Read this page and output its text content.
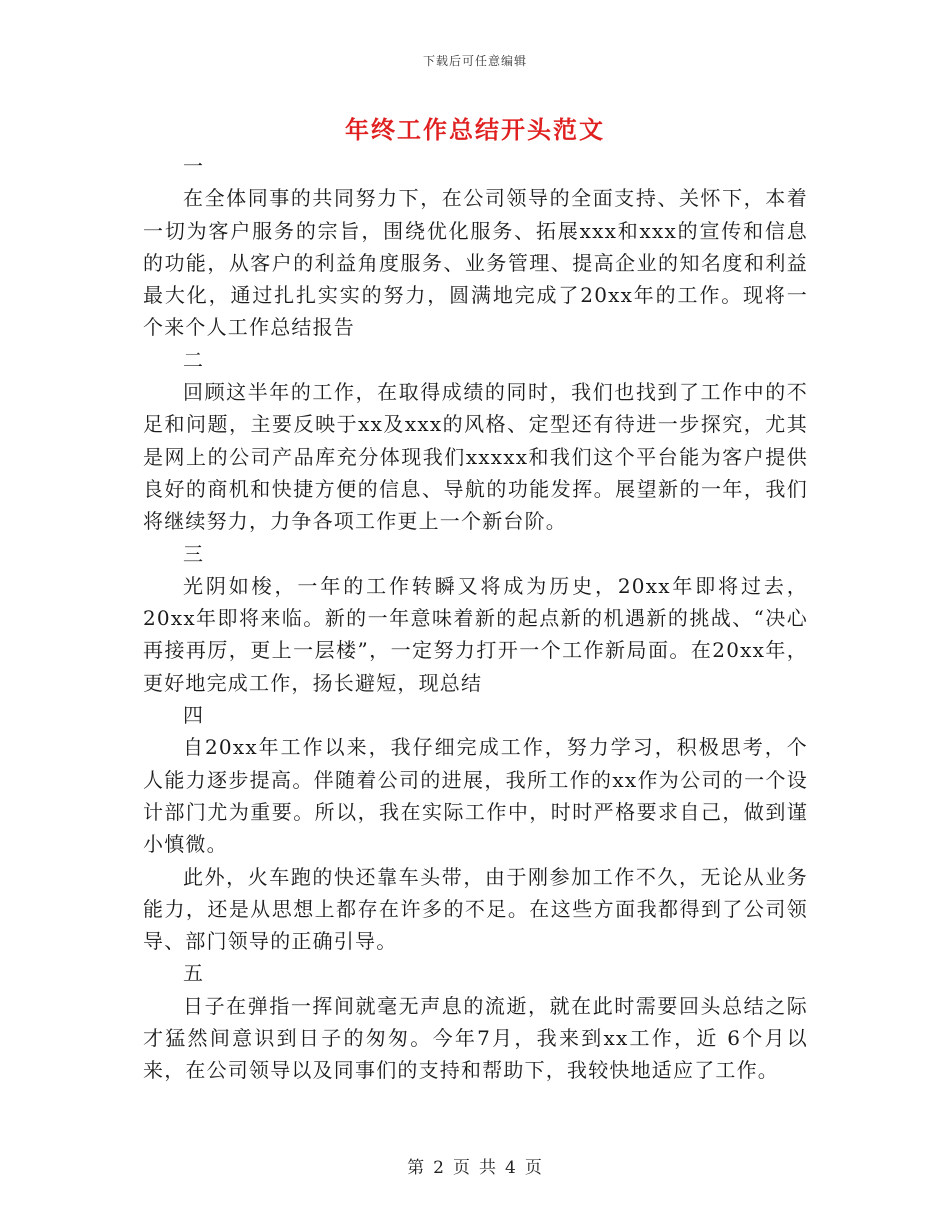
下载后可任意编辑
年终工作总结开头范文

一

在全体同事的共同努力下，在公司领导的全面支持、关怀下，本着一切为客户服务的宗旨，围绕优化服务、拓展xxx和xxx的宣传和信息的功能，从客户的利益角度服务、业务管理、提高企业的知名度和利益最大化，通过扎扎实实的努力，圆满地完成了20xx年的工作。现将一个来个人工作总结报告

二

回顾这半年的工作，在取得成绩的同时，我们也找到了工作中的不足和问题，主要反映于xx及xxx的风格、定型还有待进一步探究，尤其是网上的公司产品库充分体现我们xxxxx和我们这个平台能为客户提供良好的商机和快捷方便的信息、导航的功能发挥。展望新的一年，我们将继续努力，力争各项工作更上一个新台阶。

三

光阴如梭，一年的工作转瞬又将成为历史，20xx年即将过去，20xx年即将来临。新的一年意味着新的起点新的机遇新的挑战、“决心再接再厉，更上一层楼”，一定努力打开一个工作新局面。在20xx年，更好地完成工作，扬长避短，现总结

四

自20xx年工作以来，我仔细完成工作，努力学习，积极思考，个人能力逐步提高。伴随着公司的进展，我所工作的xx作为公司的一个设计部门尤为重要。所以，我在实际工作中，时时严格要求自己，做到谨小慎微。

此外，火车跑的快还靠车头带，由于刚参加工作不久，无论从业务能力，还是从思想上都存在许多的不足。在这些方面我都得到了公司领导、部门领导的正确引导。

五

日子在弹指一挥间就毫无声息的流逝，就在此时需要回头总结之际才猛然间意识到日子的匆匆。今年7月，我来到xx工作，近 6个月以来，在公司领导以及同事们的支持和帮助下，我较快地适应了工作。

第 2 页 共 4 页
